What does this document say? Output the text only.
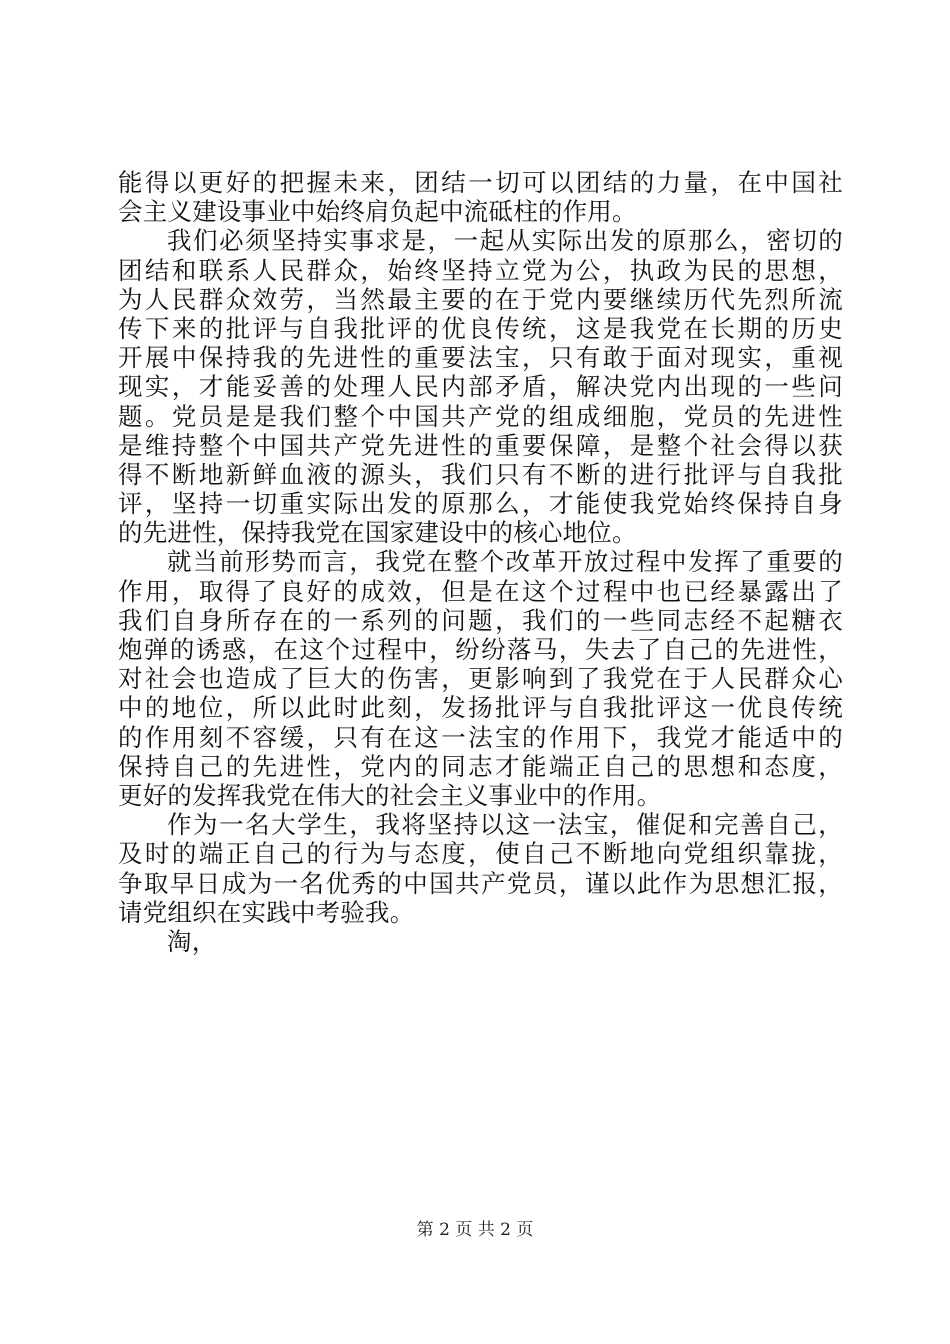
能得以更好的把握未来，团结一切可以团结的力量，在中国社
会主义建设事业中始终肩负起中流砥柱的作用。
我们必须坚持实事求是，一起从实际出发的原那么，密切的
团结和联系人民群众，始终坚持立党为公，执政为民的思想，
为人民群众效劳，当然最主要的在于党内要继续历代先烈所流
传下来的批评与自我批评的优良传统，这是我党在长期的历史
开展中保持我的先进性的重要法宝，只有敢于面对现实，重视
现实，才能妥善的处理人民内部矛盾，解决党内出现的一些问
题。党员是是我们整个中国共产党的组成细胞，党员的先进性
是维持整个中国共产党先进性的重要保障，是整个社会得以获
得不断地新鲜血液的源头，我们只有不断的进行批评与自我批
评，坚持一切重实际出发的原那么，才能使我党始终保持自身
的先进性，保持我党在国家建设中的核心地位。
就当前形势而言，我党在整个改革开放过程中发挥了重要的
作用，取得了良好的成效，但是在这个过程中也已经暴露出了
我们自身所存在的一系列的问题，我们的一些同志经不起糖衣
炮弹的诱惑，在这个过程中，纷纷落马，失去了自己的先进性，
对社会也造成了巨大的伤害，更影响到了我党在于人民群众心
中的地位，所以此时此刻，发扬批评与自我批评这一优良传统
的作用刻不容缓，只有在这一法宝的作用下，我党才能适中的
保持自己的先进性，党内的同志才能端正自己的思想和态度，
更好的发挥我党在伟大的社会主义事业中的作用。
作为一名大学生，我将坚持以这一法宝，催促和完善自己，
及时的端正自己的行为与态度，使自己不断地向党组织靠拢，
争取早日成为一名优秀的中国共产党员，谨以此作为思想汇报，
请党组织在实践中考验我。
淘，
第 2 页 共 2 页
